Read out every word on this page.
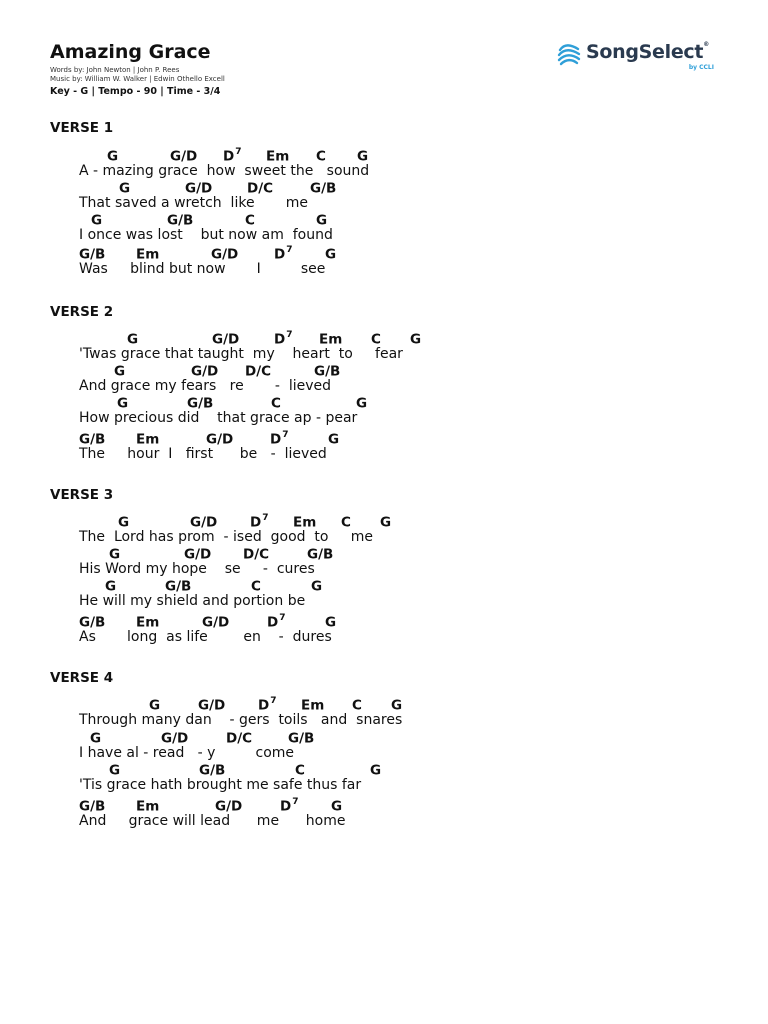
Amazing Grace
Words by: John Newton | John P. Rees
Music by: William W. Walker | Edwin Othello Excell
Key - G | Tempo - 90 | Time - 3/4
SongSelect®
by CCLI
VERSE 1
G	G/D $D^7$ Em C G
A - mazing grace  how  sweet the   sound
G	G/D	D/C	G/B
That saved a wretch  like       me
G	G/B	C	G
I once was lost    but now am  found
G/B Em	G/D	$D^7$ G
Was     blind but now       I         see
VERSE 2
G	G/D	$D^7$ Em C G
'Twas grace that taught  my    heart  to     fear
G	G/D D/C	G/B
And grace my fears   re       -  lieved
G	G/B	C	G
How precious did    that grace ap - pear
G/B Em	G/D	$D^7$	G
The     hour  I   first      be   -  lieved
VERSE 3
G	G/D $D^7$ Em C G
The  Lord has prom  - ised  good  to     me
G	G/D D/C	G/B
His Word my hope    se     -  cures
G	G/B	C	G
He will my shield and portion be
G/B Em	G/D	$D^7$	G
As       long  as life        en    -  dures
VERSE 4
G	G/D $D^7$ Em C G
Through many dan    - gers  toils   and  snares
G	G/D	D/C	G/B
I have al - read   - y         come
G	G/B	C	G
'Tis grace hath brought me safe thus far
G/B Em	G/D	$D^7$ G
And     grace will lead      me      home
